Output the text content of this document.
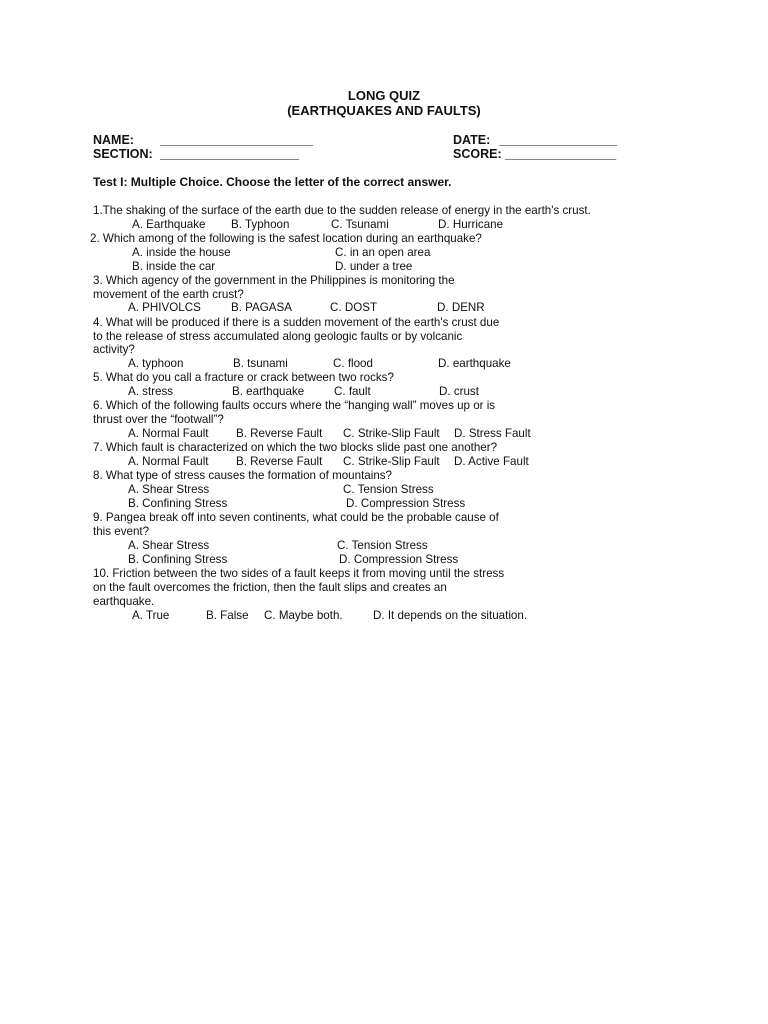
LONG QUIZ
(EARTHQUAKES AND FAULTS)
NAME: ______________________	DATE: _________________
SECTION: ____________________	SCORE: ________________
Test I: Multiple Choice. Choose the letter of the correct answer.
1.The shaking of the surface of the earth due to the sudden release of energy in the earth's crust.
A. Earthquake B. Typhoon	C. Tsunami	D. Hurricane
2. Which among of the following is the safest location during an earthquake?
A. inside the house	C. in an open area
B. inside the car	D. under a tree
3. Which agency of the government in the Philippines is monitoring the
movement of the earth crust?
A. PHIVOLCS	B. PAGASA	C. DOST	D. DENR
4. What will be produced if there is a sudden movement of the earth's crust due
to the release of stress accumulated along geologic faults or by volcanic
activity?
A. typhoon	B. tsunami	C. flood	D. earthquake
5. What do you call a fracture or crack between two rocks?
A. stress	B. earthquake	C. fault	D. crust
6. Which of the following faults occurs where the “hanging wall” moves up or is
thrust over the “footwall”?
A. Normal Fault B. Reverse Fault C. Strike-Slip Fault D. Stress Fault
7. Which fault is characterized on which the two blocks slide past one another?
A. Normal Fault B. Reverse Fault C. Strike-Slip Fault D. Active Fault
8. What type of stress causes the formation of mountains?
A. Shear Stress	C. Tension Stress
B. Confining Stress	D. Compression Stress
9. Pangea break off into seven continents, what could be the probable cause of
this event?
A. Shear Stress	C. Tension Stress
B. Confining Stress	D. Compression Stress
10. Friction between the two sides of a fault keeps it from moving until the stress
on the fault overcomes the friction, then the fault slips and creates an
earthquake.
A. True	B. False C. Maybe both.	D. It depends on the situation.
